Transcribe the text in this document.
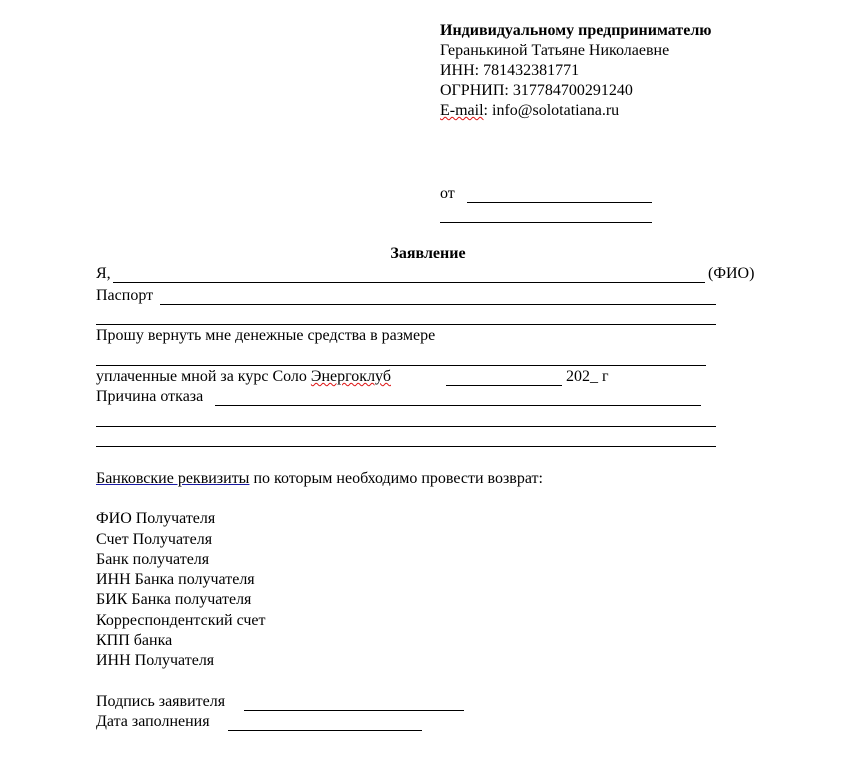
Индивидуальному предпринимателю
Геранькиной Татьяне Николаевне
ИНН: 781432381771
ОГРНИП: 317784700291240
E-mail: info@solotatiana.ru
от
Заявление
Я,	(ФИО)
Паспорт
Прошу вернуть мне денежные средства в размере
уплаченные мной за курс Соло Энергоклуб	202_ г
Причина отказа
Банковские реквизиты по которым необходимо провести возврат:
ФИО Получателя
Счет Получателя
Банк получателя
ИНН Банка получателя
БИК Банка получателя
Корреспондентский счет
КПП банка
ИНН Получателя
Подпись заявителя
Дата заполнения
